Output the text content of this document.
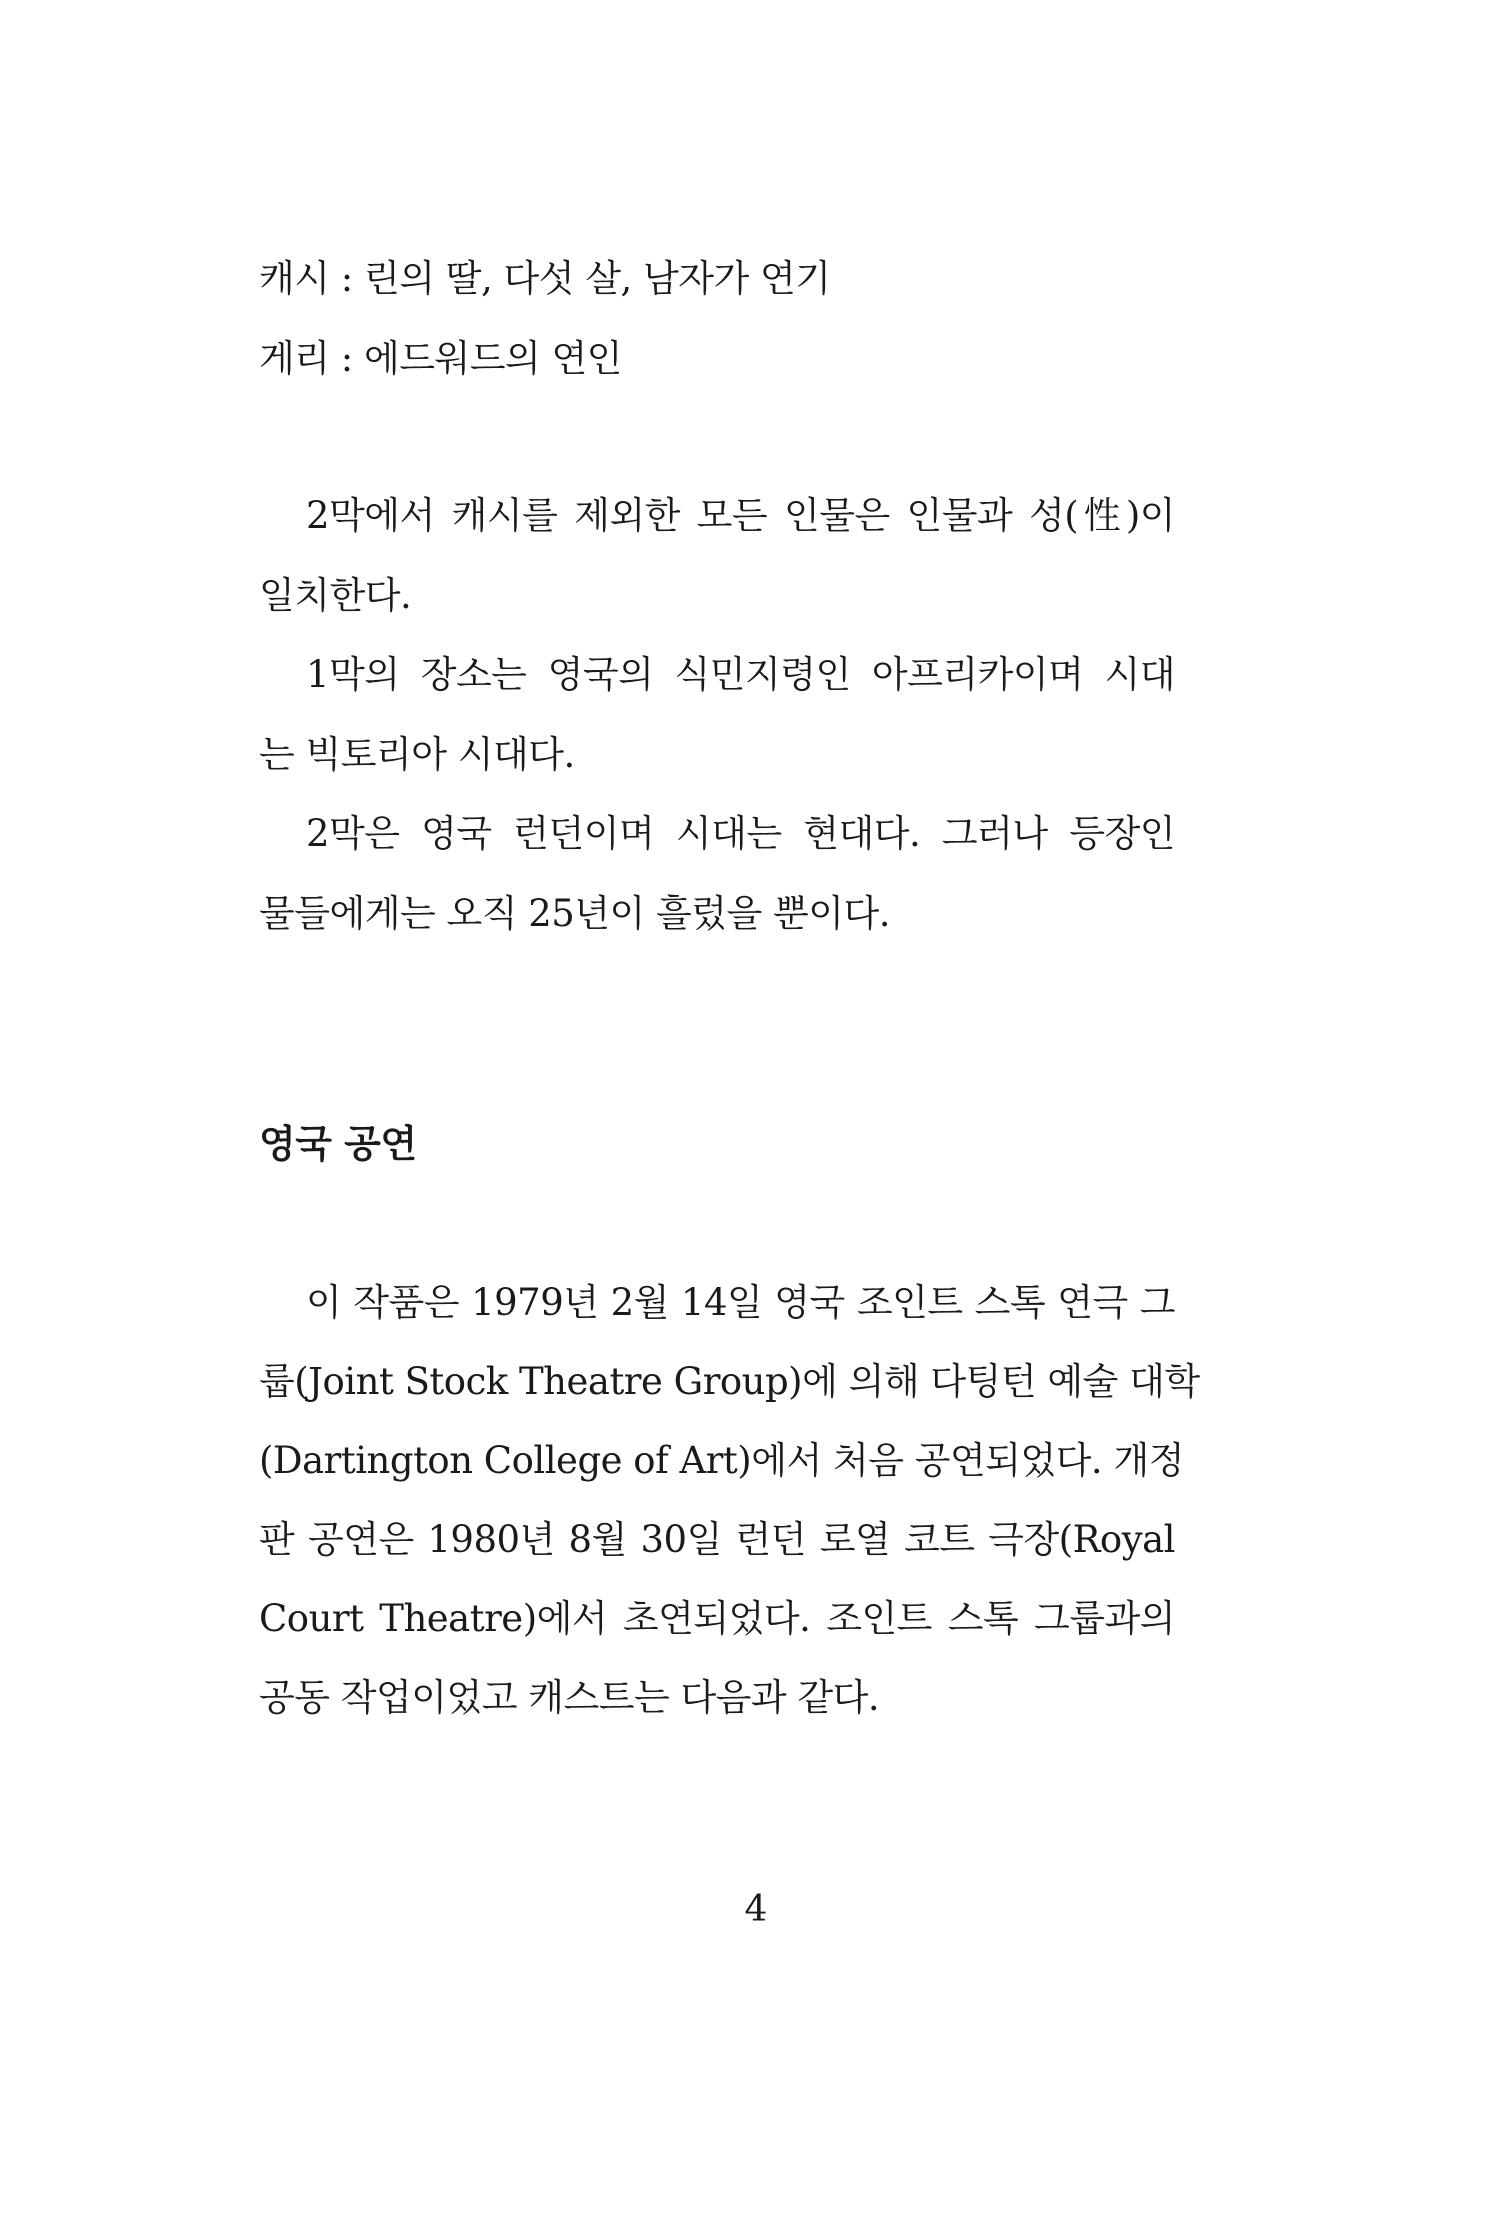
캐시 : 린의 딸, 다섯 살, 남자가 연기
게리 : 에드워드의 연인
2막에서 캐시를 제외한 모든 인물은 인물과 성(性)이
일치한다.
1막의 장소는 영국의 식민지령인 아프리카이며 시대
는 빅토리아 시대다.
2막은 영국 런던이며 시대는 현대다. 그러나 등장인
물들에게는 오직 25년이 흘렀을 뿐이다.
영국 공연
이 작품은 1979년 2월 14일 영국 조인트 스톡 연극 그
룹(Joint Stock Theatre Group)에 의해 다팅턴 예술 대학
(Dartington College of Art)에서 처음 공연되었다. 개정
판 공연은 1980년 8월 30일 런던 로열 코트 극장(Royal
Court Theatre)에서 초연되었다. 조인트 스톡 그룹과의
공동 작업이었고 캐스트는 다음과 같다.
4
